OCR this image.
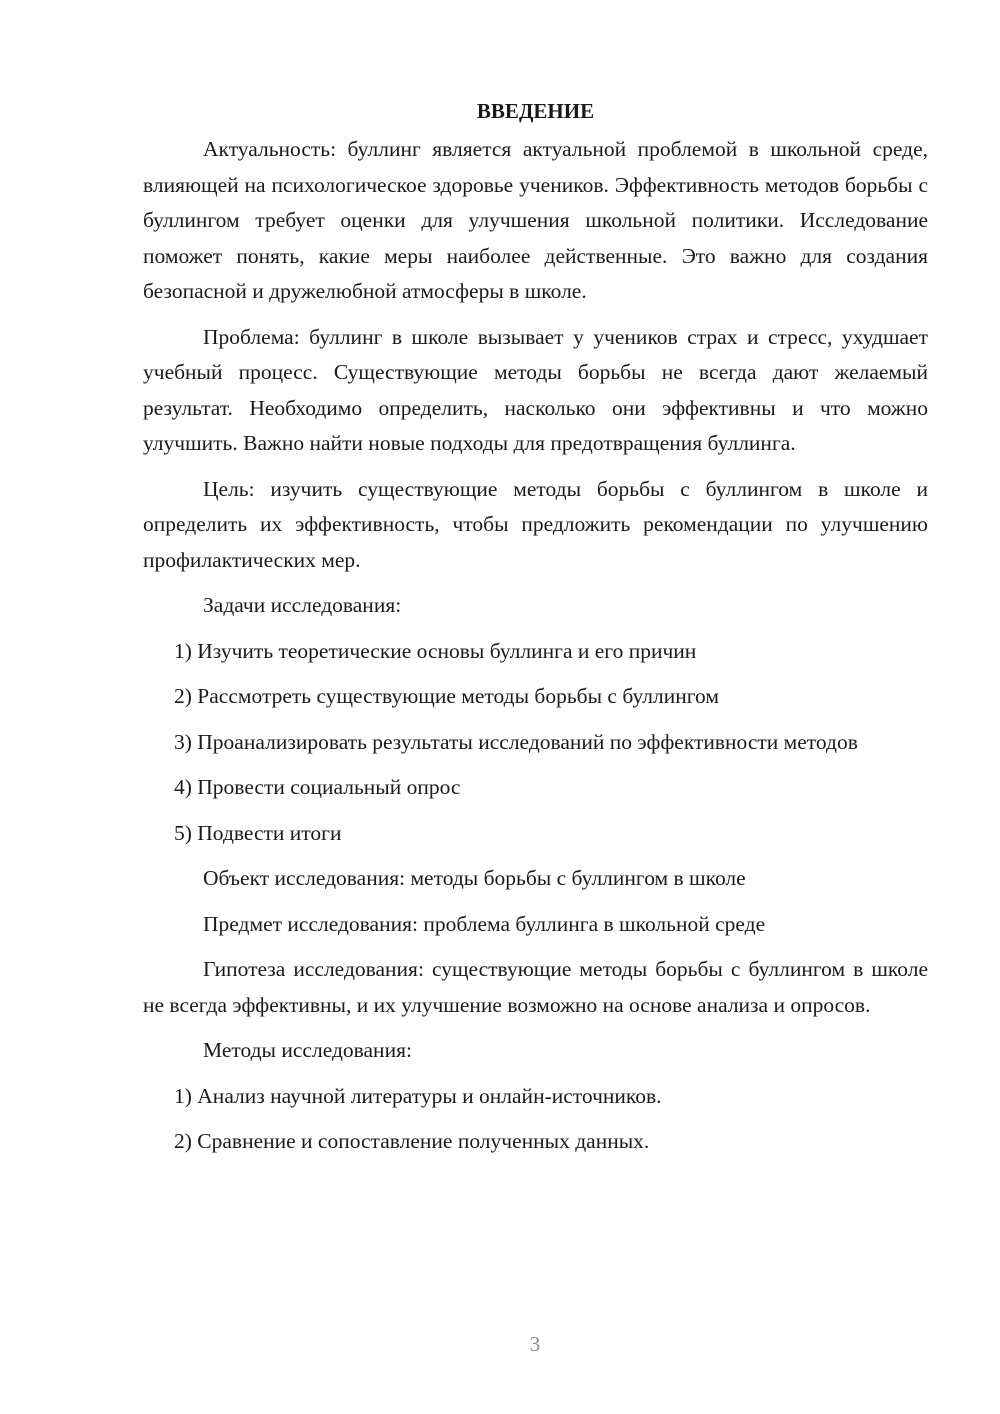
ВВЕДЕНИЕ

Актуальность: буллинг является актуальной проблемой в школьной среде, влияющей на психологическое здоровье учеников. Эффективность методов борьбы с буллингом требует оценки для улучшения школьной политики. Исследование поможет понять, какие меры наиболее действенные. Это важно для создания безопасной и дружелюбной атмосферы в школе.

Проблема: буллинг в школе вызывает у учеников страх и стресс, ухудшает учебный процесс. Существующие методы борьбы не всегда дают желаемый результат. Необходимо определить, насколько они эффективны и что можно улучшить. Важно найти новые подходы для предотвращения буллинга.

Цель: изучить существующие методы борьбы с буллингом в школе и определить их эффективность, чтобы предложить рекомендации по улучшению профилактических мер.

Задачи исследования:

1) Изучить теоретические основы буллинга и его причин

2) Рассмотреть существующие методы борьбы с буллингом

3) Проанализировать результаты исследований по эффективности методов

4) Провести социальный опрос

5) Подвести итоги

Объект исследования: методы борьбы с буллингом в школе

Предмет исследования: проблема буллинга в школьной среде

Гипотеза исследования: существующие методы борьбы с буллингом в школе не всегда эффективны, и их улучшение возможно на основе анализа и опросов.

Методы исследования:

1) Анализ научной литературы и онлайн-источников.

2) Сравнение и сопоставление полученных данных.

3
